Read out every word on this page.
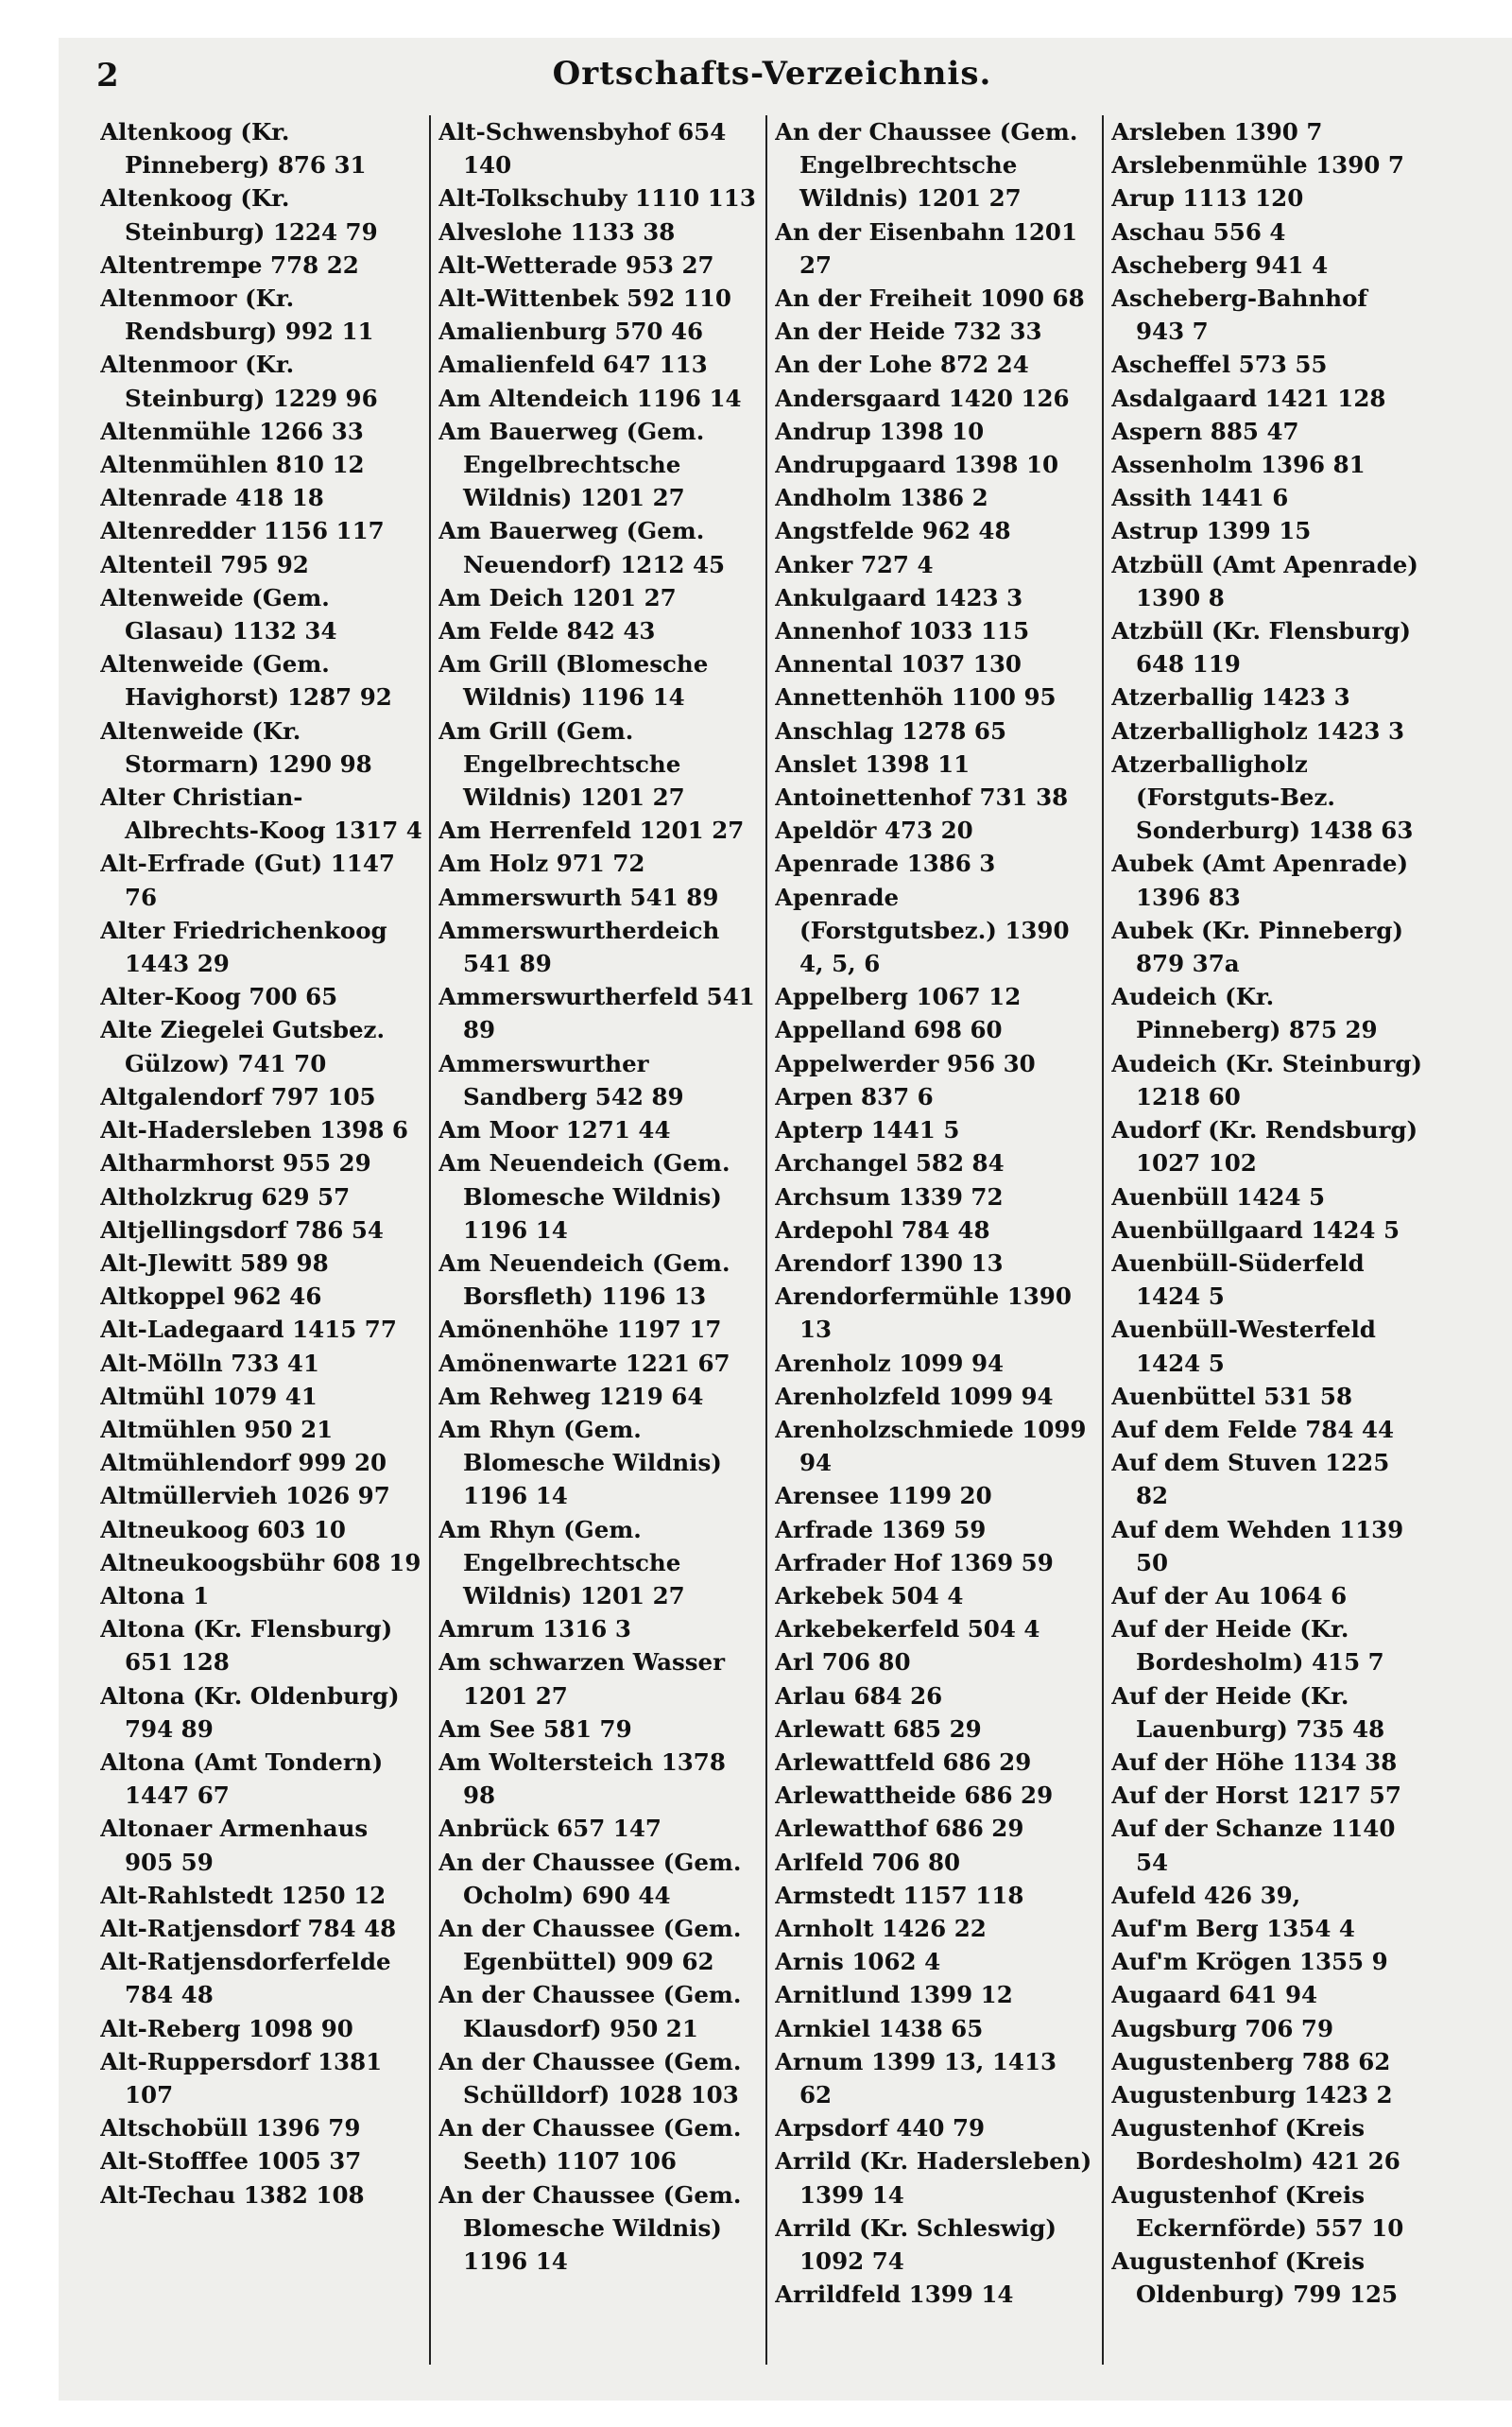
2	Ortschafts-Verzeichnis.
Altenkoog (Kr. Pinneberg) 876 31
Altenkoog (Kr. Steinburg) 1224 79
Altentrempe 778 22
Altenmoor (Kr. Rendsburg) 992 11
Altenmoor (Kr. Steinburg) 1229 96
Altenmühle 1266 33
Altenmühlen 810 12
Altenrade 418 18
Altenredder 1156 117
Altenteil 795 92
Altenweide (Gem. Glasau) 1132 34
Altenweide (Gem. Havighorst) 1287 92
Altenweide (Kr. Stormarn) 1290 98
Alter Christian-Albrechts-Koog 1317 4
Alt-Erfrade (Gut) 1147 76
Alter Friedrichenkoog 1443 29
Alter-Koog 700 65
Alte Ziegelei Gutsbez. Gülzow) 741 70
Altgalendorf 797 105
Alt-Hadersleben 1398 6
Altharmhorst 955 29
Altholzkrug 629 57
Altjellingsdorf 786 54
Alt-Jlewitt 589 98
Altkoppel 962 46
Alt-Ladegaard 1415 77
Alt-Mölln 733 41
Altmühl 1079 41
Altmühlen 950 21
Altmühlendorf 999 20
Altmüllervieh 1026 97
Altneukoog 603 10
Altneukoogsbühr 608 19
Altona 1
Altona (Kr. Flensburg) 651 128
Altona (Kr. Oldenburg) 794 89
Altona (Amt Tondern) 1447 67
Altonaer Armenhaus 905 59
Alt-Rahlstedt 1250 12
Alt-Ratjensdorf 784 48
Alt-Ratjensdorferfelde 784 48
Alt-Reberg 1098 90
Alt-Ruppersdorf 1381 107
Altschobüll 1396 79
Alt-Stofffee 1005 37
Alt-Techau 1382 108
Alt-Schwensbyhof 654 140
Alt-Tolkschuby 1110 113
Alveslohe 1133 38
Alt-Wetterade 953 27
Alt-Wittenbek 592 110
Amalienburg 570 46
Amalienfeld 647 113
Am Altendeich 1196 14
Am Bauerweg (Gem. Engelbrechtsche Wildnis) 1201 27
Am Bauerweg (Gem. Neuendorf) 1212 45
Am Deich 1201 27
Am Felde 842 43
Am Grill (Blomesche Wildnis) 1196 14
Am Grill (Gem. Engelbrechtsche Wildnis) 1201 27
Am Herrenfeld 1201 27
Am Holz 971 72
Ammerswurth 541 89
Ammerswurtherdeich 541 89
Ammerswurtherfeld 541 89
Ammerswurther Sandberg 542 89
Am Moor 1271 44
Am Neuendeich (Gem. Blomesche Wildnis) 1196 14
Am Neuendeich (Gem. Borsfleth) 1196 13
Amönenhöhe 1197 17
Amönenwarte 1221 67
Am Rehweg 1219 64
Am Rhyn (Gem. Blomesche Wildnis) 1196 14
Am Rhyn (Gem. Engelbrechtsche Wildnis) 1201 27
Amrum 1316 3
Am schwarzen Wasser 1201 27
Am See 581 79
Am Woltersteich 1378 98
Anbrück 657 147
An der Chaussee (Gem. Ocholm) 690 44
An der Chaussee (Gem. Egenbüttel) 909 62
An der Chaussee (Gem. Klausdorf) 950 21
An der Chaussee (Gem. Schülldorf) 1028 103
An der Chaussee (Gem. Seeth) 1107 106
An der Chaussee (Gem. Blomesche Wildnis) 1196 14
An der Chaussee (Gem. Engelbrechtsche Wildnis) 1201 27
An der Eisenbahn 1201 27
An der Freiheit 1090 68
An der Heide 732 33
An der Lohe 872 24
Andersgaard 1420 126
Andrup 1398 10
Andrupgaard 1398 10
Andholm 1386 2
Angstfelde 962 48
Anker 727 4
Ankulgaard 1423 3
Annenhof 1033 115
Annental 1037 130
Annettenhöh 1100 95
Anschlag 1278 65
Anslet 1398 11
Antoinettenhof 731 38
Apeldör 473 20
Apenrade 1386 3
Apenrade (Forstgutsbez.) 1390 4, 5, 6
Appelberg 1067 12
Appelland 698 60
Appelwerder 956 30
Arpen 837 6
Apterp 1441 5
Archangel 582 84
Archsum 1339 72
Ardepohl 784 48
Arendorf 1390 13
Arendorfermühle 1390 13
Arenholz 1099 94
Arenholzfeld 1099 94
Arenholzschmiede 1099 94
Arensee 1199 20
Arfrade 1369 59
Arfrader Hof 1369 59
Arkebek 504 4
Arkebekerfeld 504 4
Arl 706 80
Arlau 684 26
Arlewatt 685 29
Arlewattfeld 686 29
Arlewattheide 686 29
Arlewatthof 686 29
Arlfeld 706 80
Armstedt 1157 118
Arnholt 1426 22
Arnis 1062 4
Arnitlund 1399 12
Arnkiel 1438 65
Arnum 1399 13, 1413 62
Arpsdorf 440 79
Arrild (Kr. Hadersleben) 1399 14
Arrild (Kr. Schleswig) 1092 74
Arrildfeld 1399 14
Arsleben 1390 7
Arslebenmühle 1390 7
Arup 1113 120
Aschau 556 4
Ascheberg 941 4
Ascheberg-Bahnhof 943 7
Ascheffel 573 55
Asdalgaard 1421 128
Aspern 885 47
Assenholm 1396 81
Assith 1441 6
Astrup 1399 15
Atzbüll (Amt Apenrade) 1390 8
Atzbüll (Kr. Flensburg) 648 119
Atzerballig 1423 3
Atzerballigholz 1423 3
Atzerballigholz (Forstguts-Bez. Sonderburg) 1438 63
Aubek (Amt Apenrade) 1396 83
Aubek (Kr. Pinneberg) 879 37a
Audeich (Kr. Pinneberg) 875 29
Audeich (Kr. Steinburg) 1218 60
Audorf (Kr. Rendsburg) 1027 102
Auenbüll 1424 5
Auenbüllgaard 1424 5
Auenbüll-Süderfeld 1424 5
Auenbüll-Westerfeld 1424 5
Auenbüttel 531 58
Auf dem Felde 784 44
Auf dem Stuven 1225 82
Auf dem Wehden 1139 50
Auf der Au 1064 6
Auf der Heide (Kr. Bordesholm) 415 7
Auf der Heide (Kr. Lauenburg) 735 48
Auf der Höhe 1134 38
Auf der Horst 1217 57
Auf der Schanze 1140 54
Aufeld 426 39,
Auf'm Berg 1354 4
Auf'm Krögen 1355 9
Augaard 641 94
Augsburg 706 79
Augustenberg 788 62
Augustenburg 1423 2
Augustenhof (Kreis Bordesholm) 421 26
Augustenhof (Kreis Eckernförde) 557 10
Augustenhof (Kreis Oldenburg) 799 125
